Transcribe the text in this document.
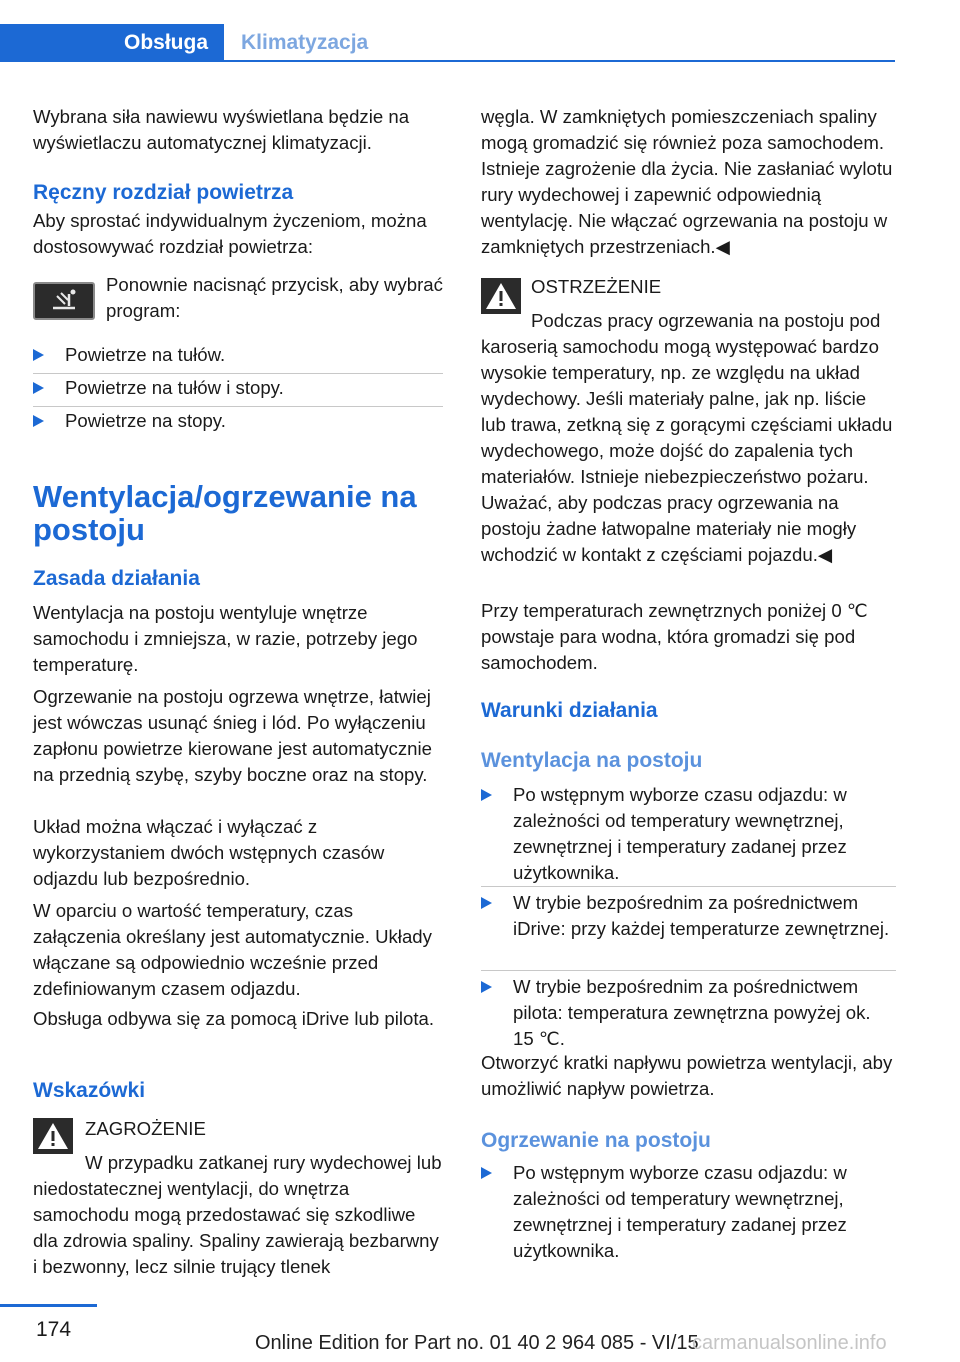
Obsługa	Klimatyzacja

Wybrana siła nawiewu wyświetlana będzie na wyświetlaczu automatycznej klimatyzacji.

Ręczny rozdział powietrza

Aby sprostać indywidualnym życzeniom, można dostosowywać rozdział powietrza:

Ponownie nacisnąć przycisk, aby wybrać program:

Powietrze na tułów.
Powietrze na tułów i stopy.
Powietrze na stopy.
Wentylacja/ogrzewanie na postoju
Zasada działania

Wentylacja na postoju wentyluje wnętrze samochodu i zmniejsza, w razie, potrzeby jego temperaturę.

Ogrzewanie na postoju ogrzewa wnętrze, łatwiej jest wówczas usunąć śnieg i lód. Po wyłączeniu zapłonu powietrze kierowane jest automatycznie na przednią szybę, szyby boczne oraz na stopy.

Układ można włączać i wyłączać z wykorzystaniem dwóch wstępnych czasów odjazdu lub bezpośrednio.

W oparciu o wartość temperatury, czas załączenia określany jest automatycznie. Układy włączane są odpowiednio wcześnie przed zdefiniowanym czasem odjazdu.

Obsługa odbywa się za pomocą iDrive lub pilota.

Wskazówki

ZAGROŻENIE

W przypadku zatkanej rury wydechowej lub niedostatecznej wentylacji, do wnętrza samochodu mogą przedostawać się szkodliwe dla zdrowia spaliny. Spaliny zawierają bezbarwny i bezwonny, lecz silnie trujący tlenek

węgla. W zamkniętych pomieszczeniach spaliny mogą gromadzić się również poza samochodem. Istnieje zagrożenie dla życia. Nie zasłaniać wylotu rury wydechowej i zapewnić odpowiednią wentylację. Nie włączać ogrzewania na postoju w zamkniętych przestrzeniach.◀

OSTRZEŻENIE

Podczas pracy ogrzewania na postoju pod karoserią samochodu mogą występować bardzo wysokie temperatury, np. ze względu na układ wydechowy. Jeśli materiały palne, jak np. liście lub trawa, zetkną się z gorącymi częściami układu wydechowego, może dojść do zapalenia tych materiałów. Istnieje niebezpieczeństwo pożaru. Uważać, aby podczas pracy ogrzewania na postoju żadne łatwopalne materiały nie mogły wchodzić w kontakt z częściami pojazdu.◀

Przy temperaturach zewnętrznych poniżej 0 ℃ powstaje para wodna, która gromadzi się pod samochodem.

Warunki działania
Wentylacja na postoju
Po wstępnym wyborze czasu odjazdu: w zależności od temperatury wewnętrznej, zewnętrznej i temperatury zadanej przez użytkownika.
W trybie bezpośrednim za pośrednictwem iDrive: przy każdej temperaturze zewnętrznej.
W trybie bezpośrednim za pośrednictwem pilota: temperatura zewnętrzna powyżej ok. 15 ℃.

Otworzyć kratki napływu powietrza wentylacji, aby umożliwić napływ powietrza.

Ogrzewanie na postoju
Po wstępnym wyborze czasu odjazdu: w zależności od temperatury wewnętrznej, zewnętrznej i temperatury zadanej przez użytkownika.
174
Online Edition for Part no. 01 40 2 964 085 - VI/15
carmanualsonline.info
